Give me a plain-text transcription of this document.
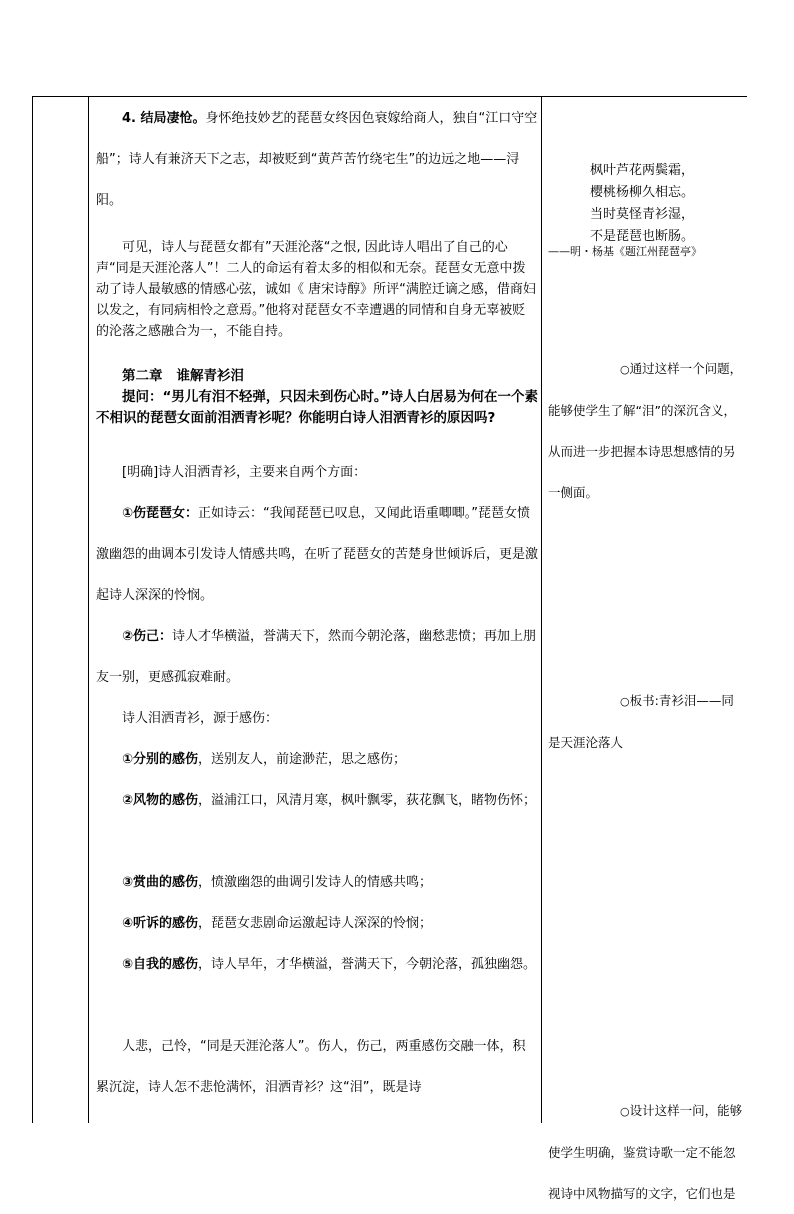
4. 结局凄怆。身怀绝技妙艺的琵琶女终因色衰嫁给商人，独自“江口守空船”；诗人有兼济天下之志，却被贬到“黄芦苦竹绕宅生”的边远之地——浔阳。
可见，诗人与琵琶女都有”天涯沦落“之恨, 因此诗人唱出了自己的心声“同是天涯沦落人”！二人的命运有着太多的相似和无奈。琵琶女无意中拨动了诗人最敏感的情感心弦，诚如《 唐宋诗醇》所评“满腔迁谪之感，借商妇以发之，有同病相怜之意焉。”他将对琵琶女不幸遭遇的同情和自身无辜被贬的沦落之感融合为一，不能自持。
第二章 谁解青衫泪
提问：“男儿有泪不轻弹，只因未到伤心时。”诗人白居易为何在一个素不相识的琵琶女面前泪洒青衫呢？你能明白诗人泪洒青衫的原因吗?
[明确]诗人泪洒青衫，主要来自两个方面：
①伤琵琶女：正如诗云：“我闻琵琶已叹息，又闻此语重唧唧。”琵琶女愤激幽怨的曲调本引发诗人情感共鸣，在听了琵琶女的苦楚身世倾诉后，更是激起诗人深深的怜悯。
②伤己：诗人才华横溢，誉满天下，然而今朝沦落，幽愁悲愤；再加上朋友一别，更感孤寂难耐。
诗人泪洒青衫，源于感伤：
①分别的感伤，送别友人，前途渺茫，思之感伤；
②风物的感伤，溢浦江口，风清月寒，枫叶飘零，荻花飘飞，睹物伤怀；
③赏曲的感伤，愤激幽怨的曲调引发诗人的情感共鸣；
④听诉的感伤，琵琶女悲剧命运激起诗人深深的怜悯；
⑤自我的感伤，诗人早年，才华横溢，誉满天下，今朝沦落，孤独幽怨。
人悲，己怜，“同是天涯沦落人”。伤人，伤己，两重感伤交融一体，积累沉淀，诗人怎不悲怆满怀，泪洒青衫？这“泪”，既是诗
枫叶芦花两鬓霜，
樱桃杨柳久相忘。
当时莫怪青衫湿，
不是琵琶也断肠。
——明・杨基《题江州琵琶亭》
○通过这样一个问题，能够使学生了解“泪”的深沉含义，从而进一步把握本诗思想感情的另一侧面。
○板书:青衫泪——同是天涯沦落人
○设计这样一问，能够使学生明确，鉴赏诗歌一定不能忽视诗中风物描写的文字，它们也是
